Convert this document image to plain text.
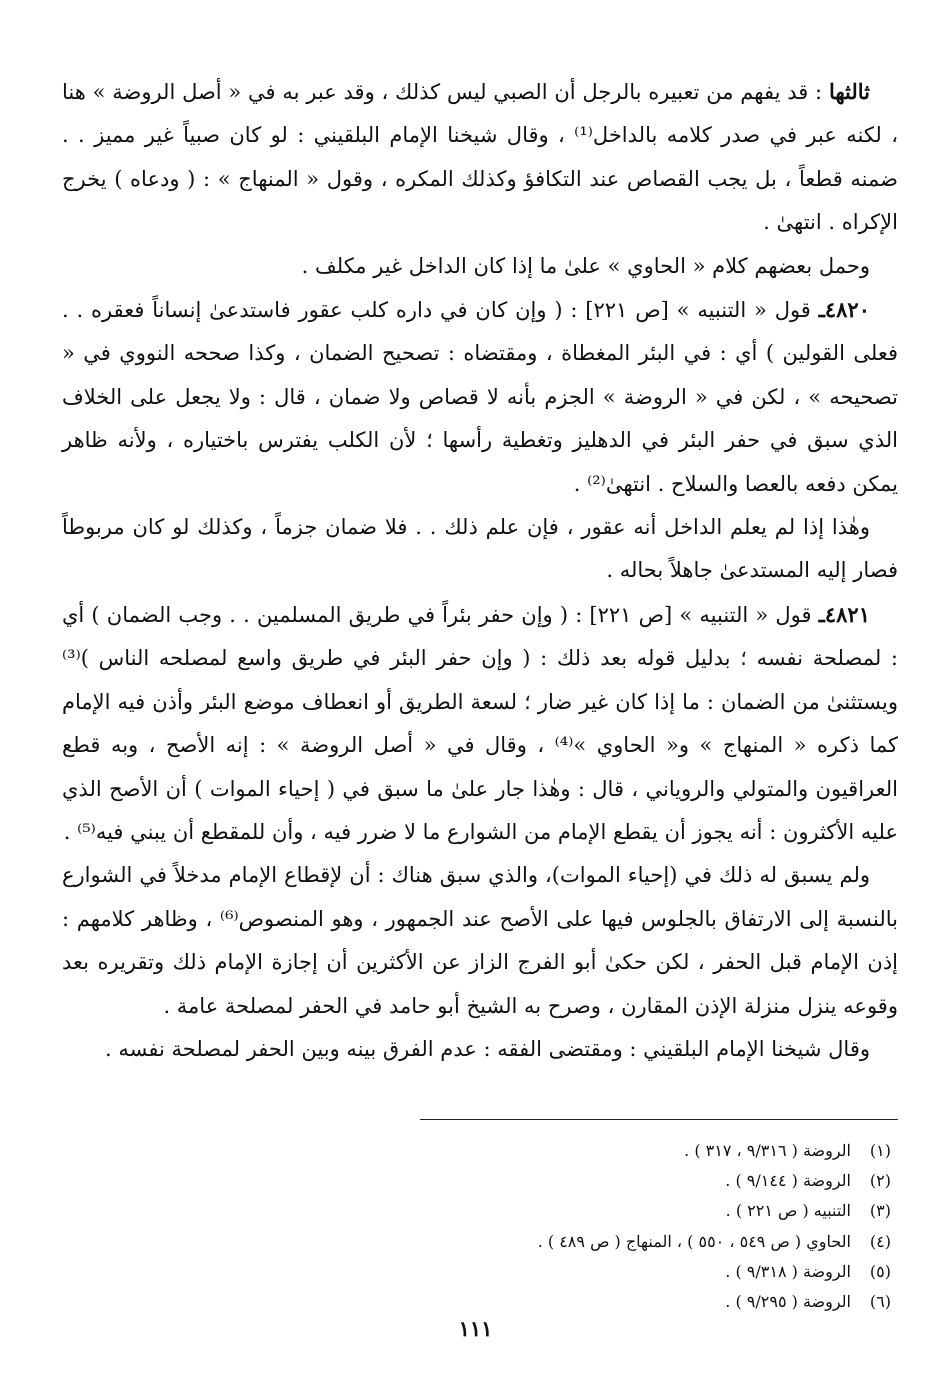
ثالثها : قد يفهم من تعبيره بالرجل أن الصبي ليس كذلك ، وقد عبر به في « أصل الروضة » هنا ، لكنه عبر في صدر كلامه بالداخل⁽¹⁾ ، وقال شيخنا الإمام البلقيني : لو كان صبياً غير مميز . . ضمنه قطعاً ، بل يجب القصاص عند التكافؤ وكذلك المكره ، وقول « المنهاج » : ( ودعاه ) يخرج الإكراه . انتهىٰ .

وحمل بعضهم كلام « الحاوي » علىٰ ما إذا كان الداخل غير مكلف .

٤٨٢٠ـ قول « التنبيه » [ص ٢٢١] : ( وإن كان في داره كلب عقور فاستدعىٰ إنساناً فعقره . . فعلى القولين ) أي : في البئر المغطاة ، ومقتضاه : تصحيح الضمان ، وكذا صححه النووي في « تصحيحه » ، لكن في « الروضة » الجزم بأنه لا قصاص ولا ضمان ، قال : ولا يجعل على الخلاف الذي سبق في حفر البئر في الدهليز وتغطية رأسها ؛ لأن الكلب يفترس باختياره ، ولأنه ظاهر يمكن دفعه بالعصا والسلاح . انتهىٰ⁽²⁾ .

وهٰذا إذا لم يعلم الداخل أنه عقور ، فإن علم ذلك . . فلا ضمان جزماً ، وكذلك لو كان مربوطاً فصار إليه المستدعىٰ جاهلاً بحاله .

٤٨٢١ـ قول « التنبيه » [ص ٢٢١] : ( وإن حفر بئراً في طريق المسلمين . . وجب الضمان ) أي : لمصلحة نفسه ؛ بدليل قوله بعد ذلك : ( وإن حفر البئر في طريق واسع لمصلحه الناس )⁽³⁾ ويستثنىٰ من الضمان : ما إذا كان غير ضار ؛ لسعة الطريق أو انعطاف موضع البئر وأذن فيه الإمام كما ذكره « المنهاج » و« الحاوي »⁽⁴⁾ ، وقال في « أصل الروضة » : إنه الأصح ، وبه قطع العراقيون والمتولي والروياني ، قال : وهٰذا جار علىٰ ما سبق في ( إحياء الموات ) أن الأصح الذي عليه الأكثرون : أنه يجوز أن يقطع الإمام من الشوارع ما لا ضرر فيه ، وأن للمقطع أن يبني فيه⁽⁵⁾ .

ولم يسبق له ذلك في (إحياء الموات)، والذي سبق هناك : أن لإقطاع الإمام مدخلاً في الشوارع بالنسبة إلى الارتفاق بالجلوس فيها على الأصح عند الجمهور ، وهو المنصوص⁽⁶⁾ ، وظاهر كلامهم : إذن الإمام قبل الحفر ، لكن حكىٰ أبو الفرج الزاز عن الأكثرين أن إجازة الإمام ذلك وتقريره بعد وقوعه ينزل منزلة الإذن المقارن ، وصرح به الشيخ أبو حامد في الحفر لمصلحة عامة .

وقال شيخنا الإمام البلقيني : ومقتضى الفقه : عدم الفرق بينه وبين الحفر لمصلحة نفسه .

(١)الروضة ( ٩/٣١٦ ، ٣١٧ ) .

(٢)الروضة ( ٩/١٤٤ ) .

(٣)التنبيه ( ص ٢٢١ ) .

(٤)الحاوي ( ص ٥٤٩ ، ٥٥٠ ) ، المنهاج ( ص ٤٨٩ ) .

(٥)الروضة ( ٩/٣١٨ ) .

(٦)الروضة ( ٩/٢٩٥ ) .

١١١
